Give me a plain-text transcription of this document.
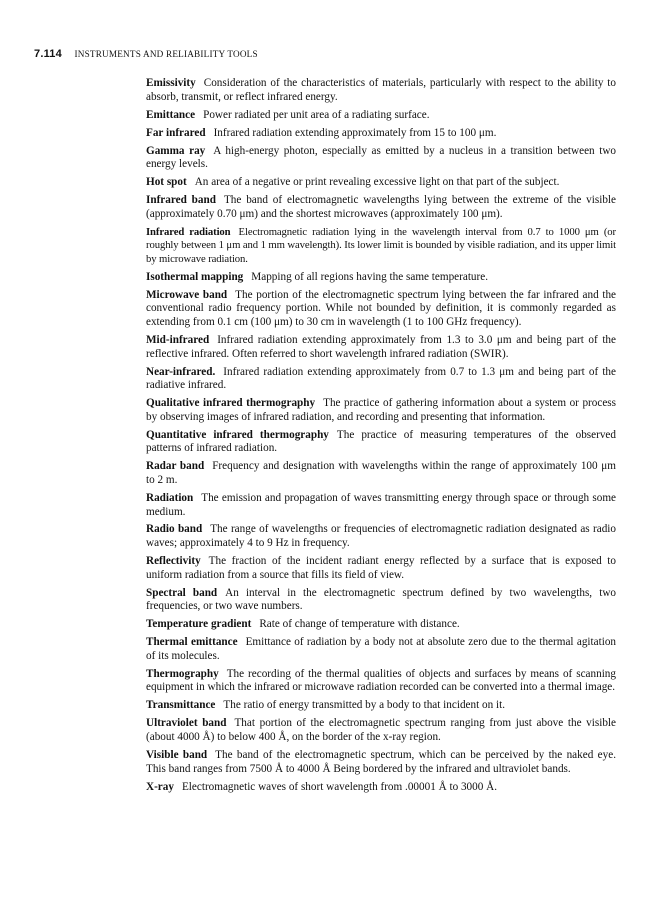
7.114 INSTRUMENTS AND RELIABILITY TOOLS

Emissivity Consideration of the characteristics of materials, particularly with respect to the ability to absorb, transmit, or reflect infrared energy.

Emittance Power radiated per unit area of a radiating surface.

Far infrared Infrared radiation extending approximately from 15 to 100 μm.

Gamma ray A high-energy photon, especially as emitted by a nucleus in a transition between two energy levels.

Hot spot An area of a negative or print revealing excessive light on that part of the subject.

Infrared band The band of electromagnetic wavelengths lying between the extreme of the visible (approximately 0.70 μm) and the shortest microwaves (approximately 100 μm).

Infrared radiation Electromagnetic radiation lying in the wavelength interval from 0.7 to 1000 μm (or roughly between 1 μm and 1 mm wavelength). Its lower limit is bounded by visible radiation, and its upper limit by microwave radiation.

Isothermal mapping Mapping of all regions having the same temperature.

Microwave band The portion of the electromagnetic spectrum lying between the far infrared and the conventional radio frequency portion. While not bounded by definition, it is commonly regarded as extending from 0.1 cm (100 μm) to 30 cm in wavelength (1 to 100 GHz frequency).

Mid-infrared Infrared radiation extending approximately from 1.3 to 3.0 μm and being part of the reflective infrared. Often referred to short wavelength infrared radiation (SWIR).

Near-infrared. Infrared radiation extending approximately from 0.7 to 1.3 μm and being part of the radiative infrared.

Qualitative infrared thermography The practice of gathering information about a system or process by observing images of infrared radiation, and recording and presenting that information.

Quantitative infrared thermography The practice of measuring temperatures of the observed patterns of infrared radiation.

Radar band Frequency and designation with wavelengths within the range of approximately 100 μm to 2 m.

Radiation The emission and propagation of waves transmitting energy through space or through some medium.

Radio band The range of wavelengths or frequencies of electromagnetic radiation designated as radio waves; approximately 4 to 9 Hz in frequency.

Reflectivity The fraction of the incident radiant energy reflected by a surface that is exposed to uniform radiation from a source that fills its field of view.

Spectral band An interval in the electromagnetic spectrum defined by two wavelengths, two frequencies, or two wave numbers.

Temperature gradient Rate of change of temperature with distance.

Thermal emittance Emittance of radiation by a body not at absolute zero due to the thermal agitation of its molecules.

Thermography The recording of the thermal qualities of objects and surfaces by means of scanning equipment in which the infrared or microwave radiation recorded can be converted into a thermal image.

Transmittance The ratio of energy transmitted by a body to that incident on it.

Ultraviolet band That portion of the electromagnetic spectrum ranging from just above the visible (about 4000 Å) to below 400 Å, on the border of the x-ray region.

Visible band The band of the electromagnetic spectrum, which can be perceived by the naked eye. This band ranges from 7500 Å to 4000 Å Being bordered by the infrared and ultraviolet bands.

X-ray Electromagnetic waves of short wavelength from .00001 Å to 3000 Å.
